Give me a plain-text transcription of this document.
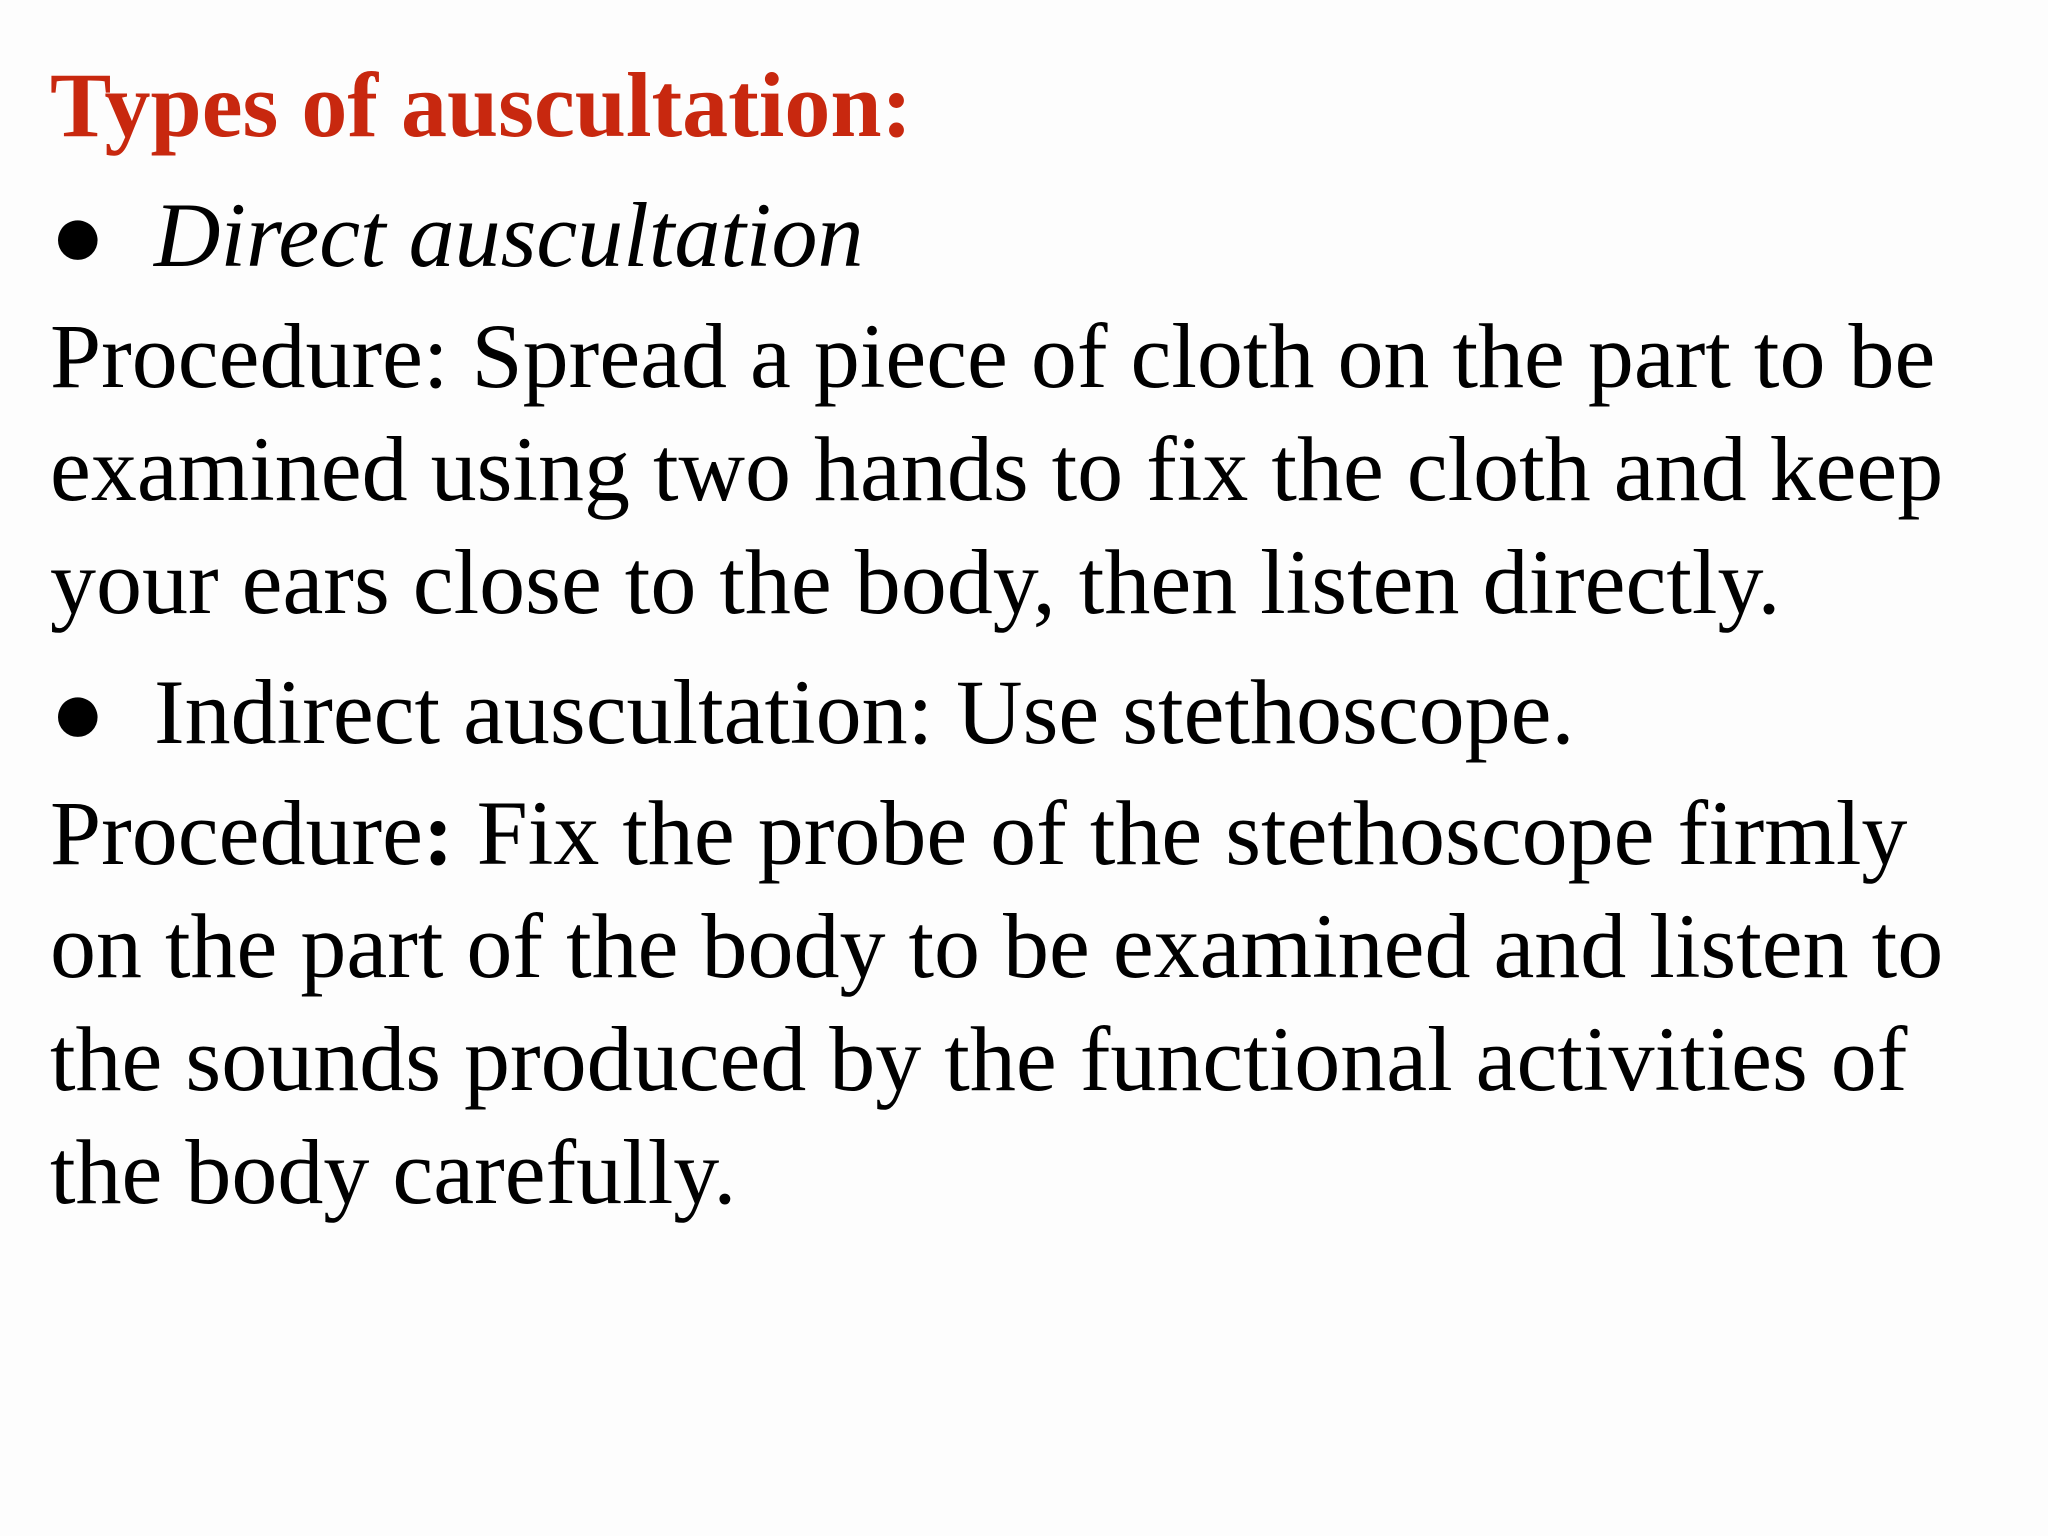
Types of auscultation:
● Direct auscultation

Procedure: Spread a piece of cloth on the part to be examined using two hands to fix the cloth and keep your ears close to the body, then listen directly.

● Indirect auscultation: Use stethoscope.

Procedure: Fix the probe of the stethoscope firmly on the part of the body to be examined and listen to the sounds produced by the functional activities of the body carefully.
